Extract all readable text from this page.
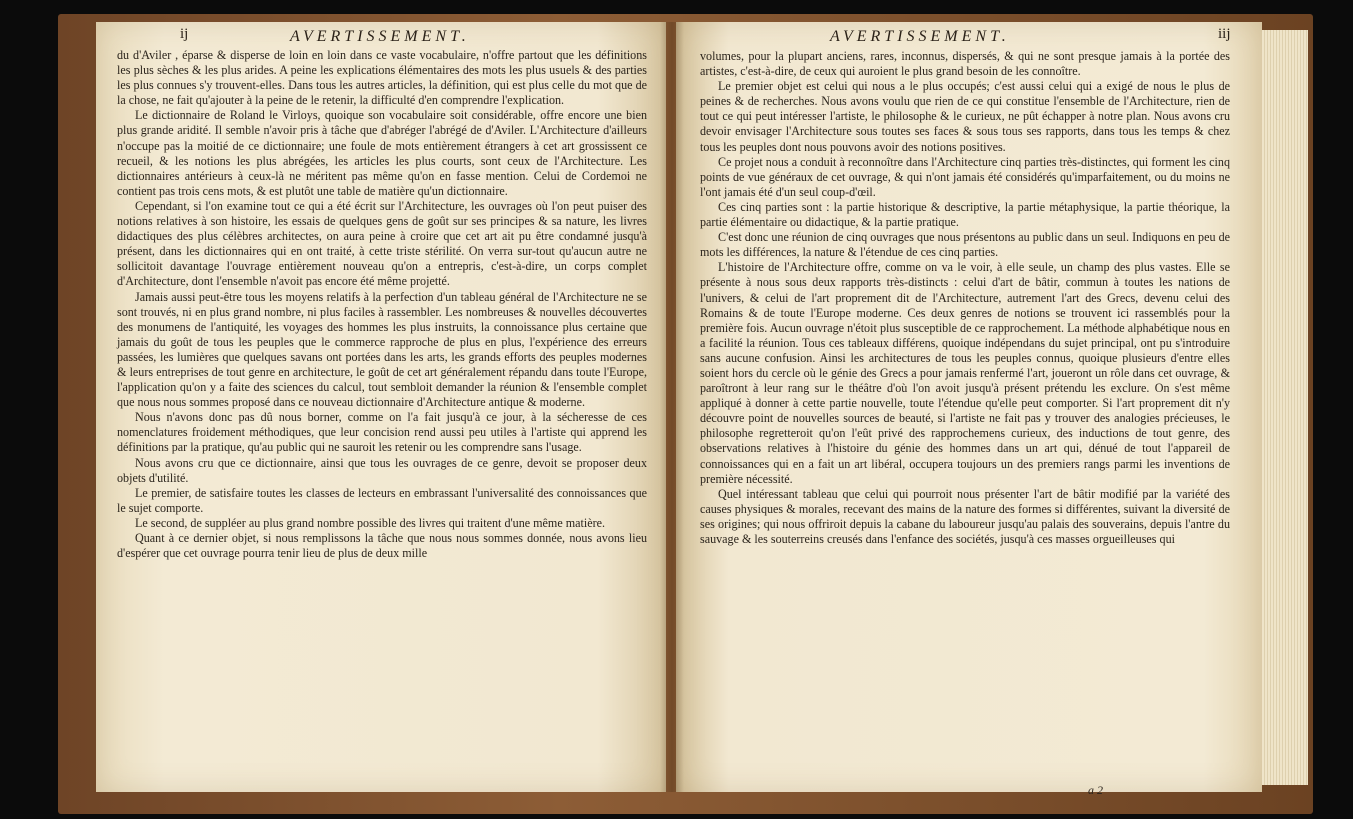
ij	AVERTISSEMENT.	AVERTISSEMENT.	iij

du d'Aviler , éparse & disperse de loin en loin dans ce vaste vocabulaire, n'offre partout que les définitions les plus sèches & les plus arides. A peine les explications élémentaires des mots les plus usuels & des parties les plus connues s'y trouvent-elles. Dans tous les autres articles, la définition, qui est plus celle du mot que de la chose, ne fait qu'ajouter à la peine de le retenir, la difficulté d'en comprendre l'explication.

Le dictionnaire de Roland le Virloys, quoique son vocabulaire soit considérable, offre encore une bien plus grande aridité. Il semble n'avoir pris à tâche que d'abréger l'abrégé de d'Aviler. L'Architecture d'ailleurs n'occupe pas la moitié de ce dictionnaire; une foule de mots entièrement étrangers à cet art grossissent ce recueil, & les notions les plus abrégées, les articles les plus courts, sont ceux de l'Architecture. Les dictionnaires antérieurs à ceux-là ne méritent pas même qu'on en fasse mention. Celui de Cordemoi ne contient pas trois cens mots, & est plutôt une table de matière qu'un dictionnaire.

Cependant, si l'on examine tout ce qui a été écrit sur l'Architecture, les ouvrages où l'on peut puiser des notions relatives à son histoire, les essais de quelques gens de goût sur ses principes & sa nature, les livres didactiques des plus célèbres architectes, on aura peine à croire que cet art ait pu être condamné jusqu'à présent, dans les dictionnaires qui en ont traité, à cette triste stérilité. On verra sur-tout qu'aucun autre ne sollicitoit davantage l'ouvrage entièrement nouveau qu'on a entrepris, c'est-à-dire, un corps complet d'Architecture, dont l'ensemble n'avoit pas encore été même projetté.

Jamais aussi peut-être tous les moyens relatifs à la perfection d'un tableau général de l'Architecture ne se sont trouvés, ni en plus grand nombre, ni plus faciles à rassembler. Les nombreuses & nouvelles découvertes des monumens de l'antiquité, les voyages des hommes les plus instruits, la connoissance plus certaine que jamais du goût de tous les peuples que le commerce rapproche de plus en plus, l'expérience des erreurs passées, les lumières que quelques savans ont portées dans les arts, les grands efforts des peuples modernes & leurs entreprises de tout genre en architecture, le goût de cet art généralement répandu dans toute l'Europe, l'application qu'on y a faite des sciences du calcul, tout sembloit demander la réunion & l'ensemble complet que nous nous sommes proposé dans ce nouveau dictionnaire d'Architecture antique & moderne.

Nous n'avons donc pas dû nous borner, comme on l'a fait jusqu'à ce jour, à la sécheresse de ces nomenclatures froidement méthodiques, que leur concision rend aussi peu utiles à l'artiste qui apprend les définitions par la pratique, qu'au public qui ne sauroit les retenir ou les comprendre sans l'usage.

Nous avons cru que ce dictionnaire, ainsi que tous les ouvrages de ce genre, devoit se proposer deux objets d'utilité.

Le premier, de satisfaire toutes les classes de lecteurs en embrassant l'universalité des connoissances que le sujet comporte.

Le second, de suppléer au plus grand nombre possible des livres qui traitent d'une même matière.

Quant à ce dernier objet, si nous remplissons la tâche que nous nous sommes donnée, nous avons lieu d'espérer que cet ouvrage pourra tenir lieu de plus de deux mille

volumes, pour la plupart anciens, rares, inconnus, dispersés, & qui ne sont presque jamais à la portée des artistes, c'est-à-dire, de ceux qui auroient le plus grand besoin de les connoître.

Le premier objet est celui qui nous a le plus occupés; c'est aussi celui qui a exigé de nous le plus de peines & de recherches. Nous avons voulu que rien de ce qui constitue l'ensemble de l'Architecture, rien de tout ce qui peut intéresser l'artiste, le philosophe & le curieux, ne pût échapper à notre plan. Nous avons cru devoir envisager l'Architecture sous toutes ses faces & sous tous ses rapports, dans tous les temps & chez tous les peuples dont nous pouvons avoir des notions positives.

Ce projet nous a conduit à reconnoître dans l'Architecture cinq parties très-distinctes, qui forment les cinq points de vue généraux de cet ouvrage, & qui n'ont jamais été considérés qu'imparfaitement, ou du moins ne l'ont jamais été d'un seul coup-d'œil.

Ces cinq parties sont : la partie historique & descriptive, la partie métaphysique, la partie théorique, la partie élémentaire ou didactique, & la partie pratique.

C'est donc une réunion de cinq ouvrages que nous présentons au public dans un seul. Indiquons en peu de mots les différences, la nature & l'étendue de ces cinq parties.

L'histoire de l'Architecture offre, comme on va le voir, à elle seule, un champ des plus vastes. Elle se présente à nous sous deux rapports très-distincts : celui d'art de bâtir, commun à toutes les nations de l'univers, & celui de l'art proprement dit de l'Architecture, autrement l'art des Grecs, devenu celui des Romains & de toute l'Europe moderne. Ces deux genres de notions se trouvent ici rassemblés pour la première fois. Aucun ouvrage n'étoit plus susceptible de ce rapprochement. La méthode alphabétique nous en a facilité la réunion. Tous ces tableaux différens, quoique indépendans du sujet principal, ont pu s'introduire sans aucune confusion. Ainsi les architectures de tous les peuples connus, quoique plusieurs d'entre elles soient hors du cercle où le génie des Grecs a pour jamais renfermé l'art, joueront un rôle dans cet ouvrage, & paroîtront à leur rang sur le théâtre d'où l'on avoit jusqu'à présent prétendu les exclure. On s'est même appliqué à donner à cette partie nouvelle, toute l'étendue qu'elle peut comporter. Si l'art proprement dit n'y découvre point de nouvelles sources de beauté, si l'artiste ne fait pas y trouver des analogies précieuses, le philosophe regretteroit qu'on l'eût privé des rapprochemens curieux, des inductions de tout genre, des observations relatives à l'histoire du génie des hommes dans un art qui, dénué de tout l'appareil de connoissances qui en a fait un art libéral, occupera toujours un des premiers rangs parmi les inventions de première nécessité.

Quel intéressant tableau que celui qui pourroit nous présenter l'art de bâtir modifié par la variété des causes physiques & morales, recevant des mains de la nature des formes si différentes, suivant la diversité de ses origines; qui nous offriroit depuis la cabane du laboureur jusqu'au palais des souverains, depuis l'antre du sauvage & les souterreins creusés dans l'enfance des sociétés, jusqu'à ces masses orgueilleuses qui

a 2
